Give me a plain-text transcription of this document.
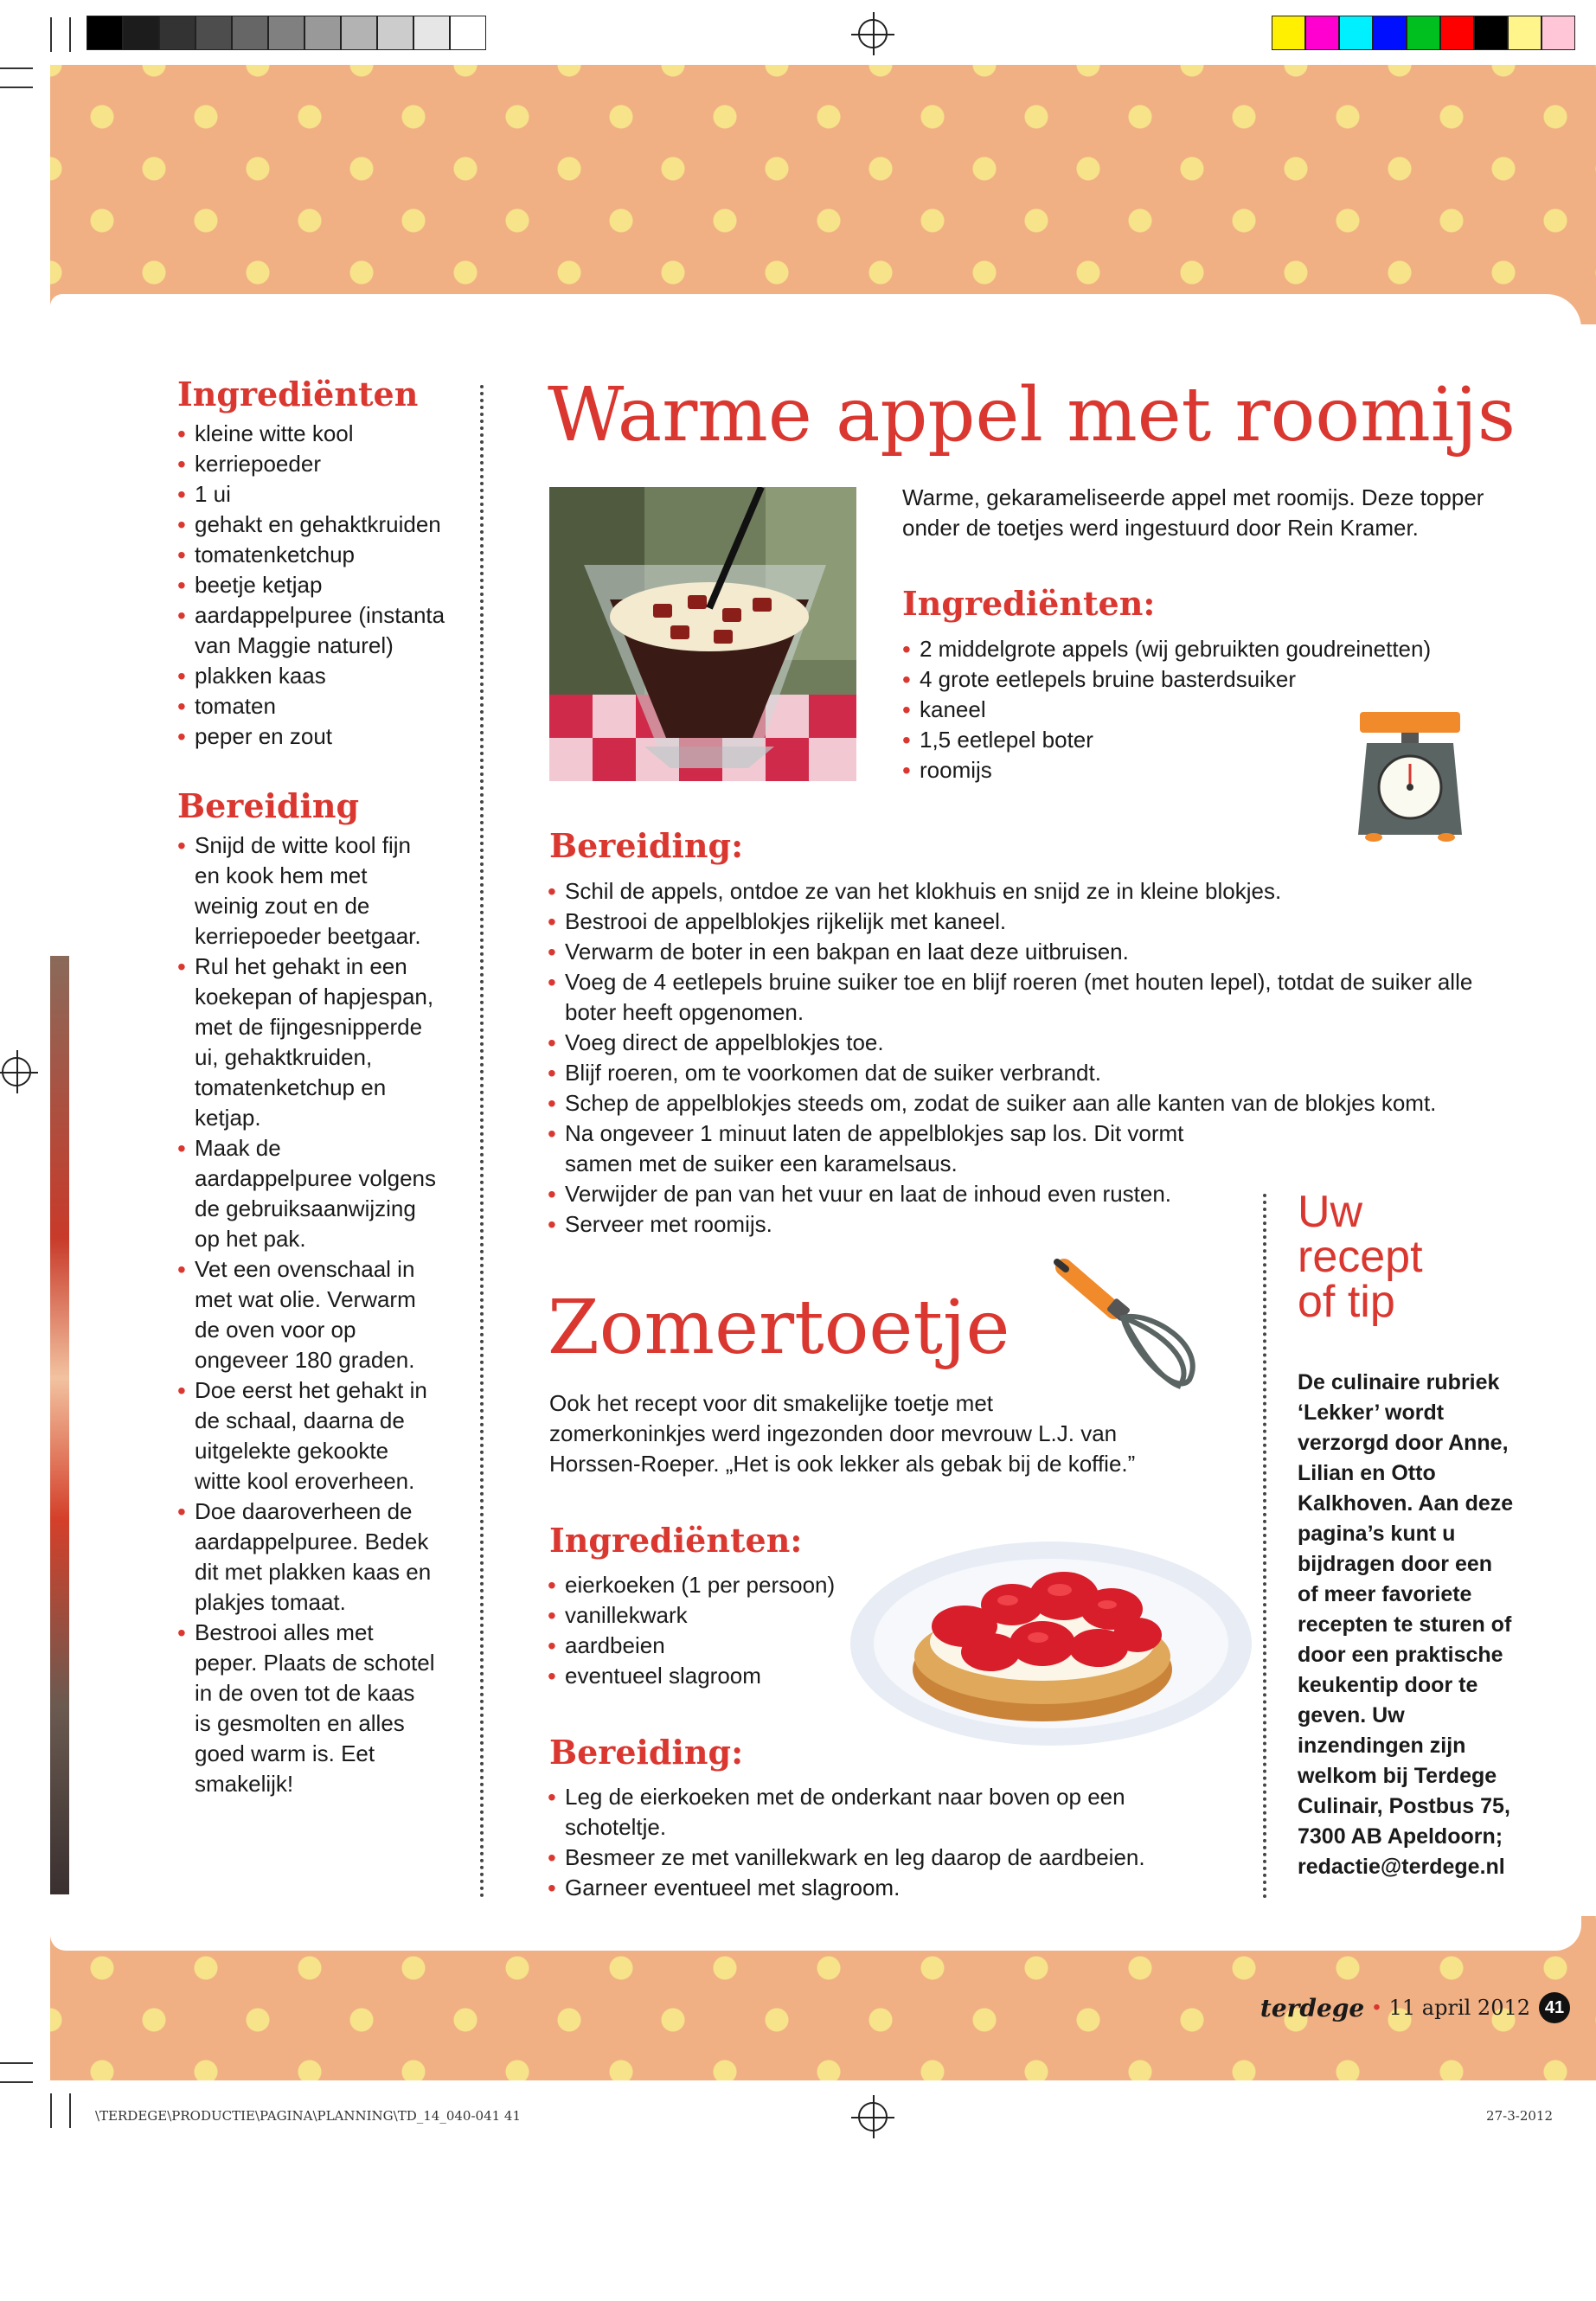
Ingrediënten
• kleine witte kool
• kerriepoeder
• 1 ui
• gehakt en gehaktkruiden
• tomatenketchup
• beetje ketjap
• aardappelpuree (instanta van Maggie naturel)
• plakken kaas
• tomaten
• peper en zout
Bereiding
• Snijd de witte kool fijn en kook hem met weinig zout en de kerriepoeder beetgaar.
• Rul het gehakt in een koekepan of hapjespan, met de fijngesnipperde ui, gehaktkruiden, tomatenketchup en ketjap.
• Maak de aardappelpuree volgens de gebruiksaanwijzing op het pak.
• Vet een ovenschaal in met wat olie. Verwarm de oven voor op ongeveer 180 graden.
• Doe eerst het gehakt in de schaal, daarna de uitgelekte gekookte witte kool eroverheen.
• Doe daaroverheen de aardappelpuree. Bedek dit met plakken kaas en plakjes tomaat.
• Bestrooi alles met peper. Plaats de schotel in de oven tot de kaas is gesmolten en alles goed warm is. Eet smakelijk!
Warme appel met roomijs

Warme, gekarameliseerde appel met roomijs. Deze topper onder de toetjes werd ingestuurd door Rein Kramer.

Ingrediënten:
• 2 middelgrote appels (wij gebruikten goudreinetten)
• 4 grote eetlepels bruine basterdsuiker
• kaneel
• 1,5 eetlepel boter
• roomijs
Bereiding:
• Schil de appels, ontdoe ze van het klokhuis en snijd ze in kleine blokjes.
• Bestrooi de appelblokjes rijkelijk met kaneel.
• Verwarm de boter in een bakpan en laat deze uitbruisen.
• Voeg de 4 eetlepels bruine suiker toe en blijf roeren (met houten lepel), totdat de suiker alle boter heeft opgenomen.
• Voeg direct de appelblokjes toe.
• Blijf roeren, om te voorkomen dat de suiker verbrandt.
• Schep de appelblokjes steeds om, zodat de suiker aan alle kanten van de blokjes komt.
• Na ongeveer 1 minuut laten de appelblokjes sap los. Dit vormt samen met de suiker een karamelsaus.
• Verwijder de pan van het vuur en laat de inhoud even rusten.
• Serveer met roomijs.
Zomertoetje

Ook het recept voor dit smakelijke toetje met zomerkoninkjes werd ingezonden door mevrouw L.J. van Horssen-Roeper. „Het is ook lekker als gebak bij de koffie.”

Ingrediënten:
• eierkoeken (1 per persoon)
• vanillekwark
• aardbeien
• eventueel slagroom
Bereiding:
• Leg de eierkoeken met de onderkant naar boven op een schoteltje.
• Besmeer ze met vanillekwark en leg daarop de aardbeien.
• Garneer eventueel met slagroom.
Uw
recept
of tip

De culinaire rubriek ‘Lekker’ wordt verzorgd door Anne, Lilian en Otto Kalkhoven. Aan deze pagina’s kunt u bijdragen door een of meer favoriete recepten te sturen of door een praktische keukentip door te geven. Uw inzendingen zijn welkom bij Terdege Culinair, Postbus 75, 7300 AB Apeldoorn; redactie@terdege.nl

terdege • 11 april 2012 41
\TERDEGE\PRODUCTIE\PAGINA\PLANNING\TD_14_040-041 41	27-3-2012
